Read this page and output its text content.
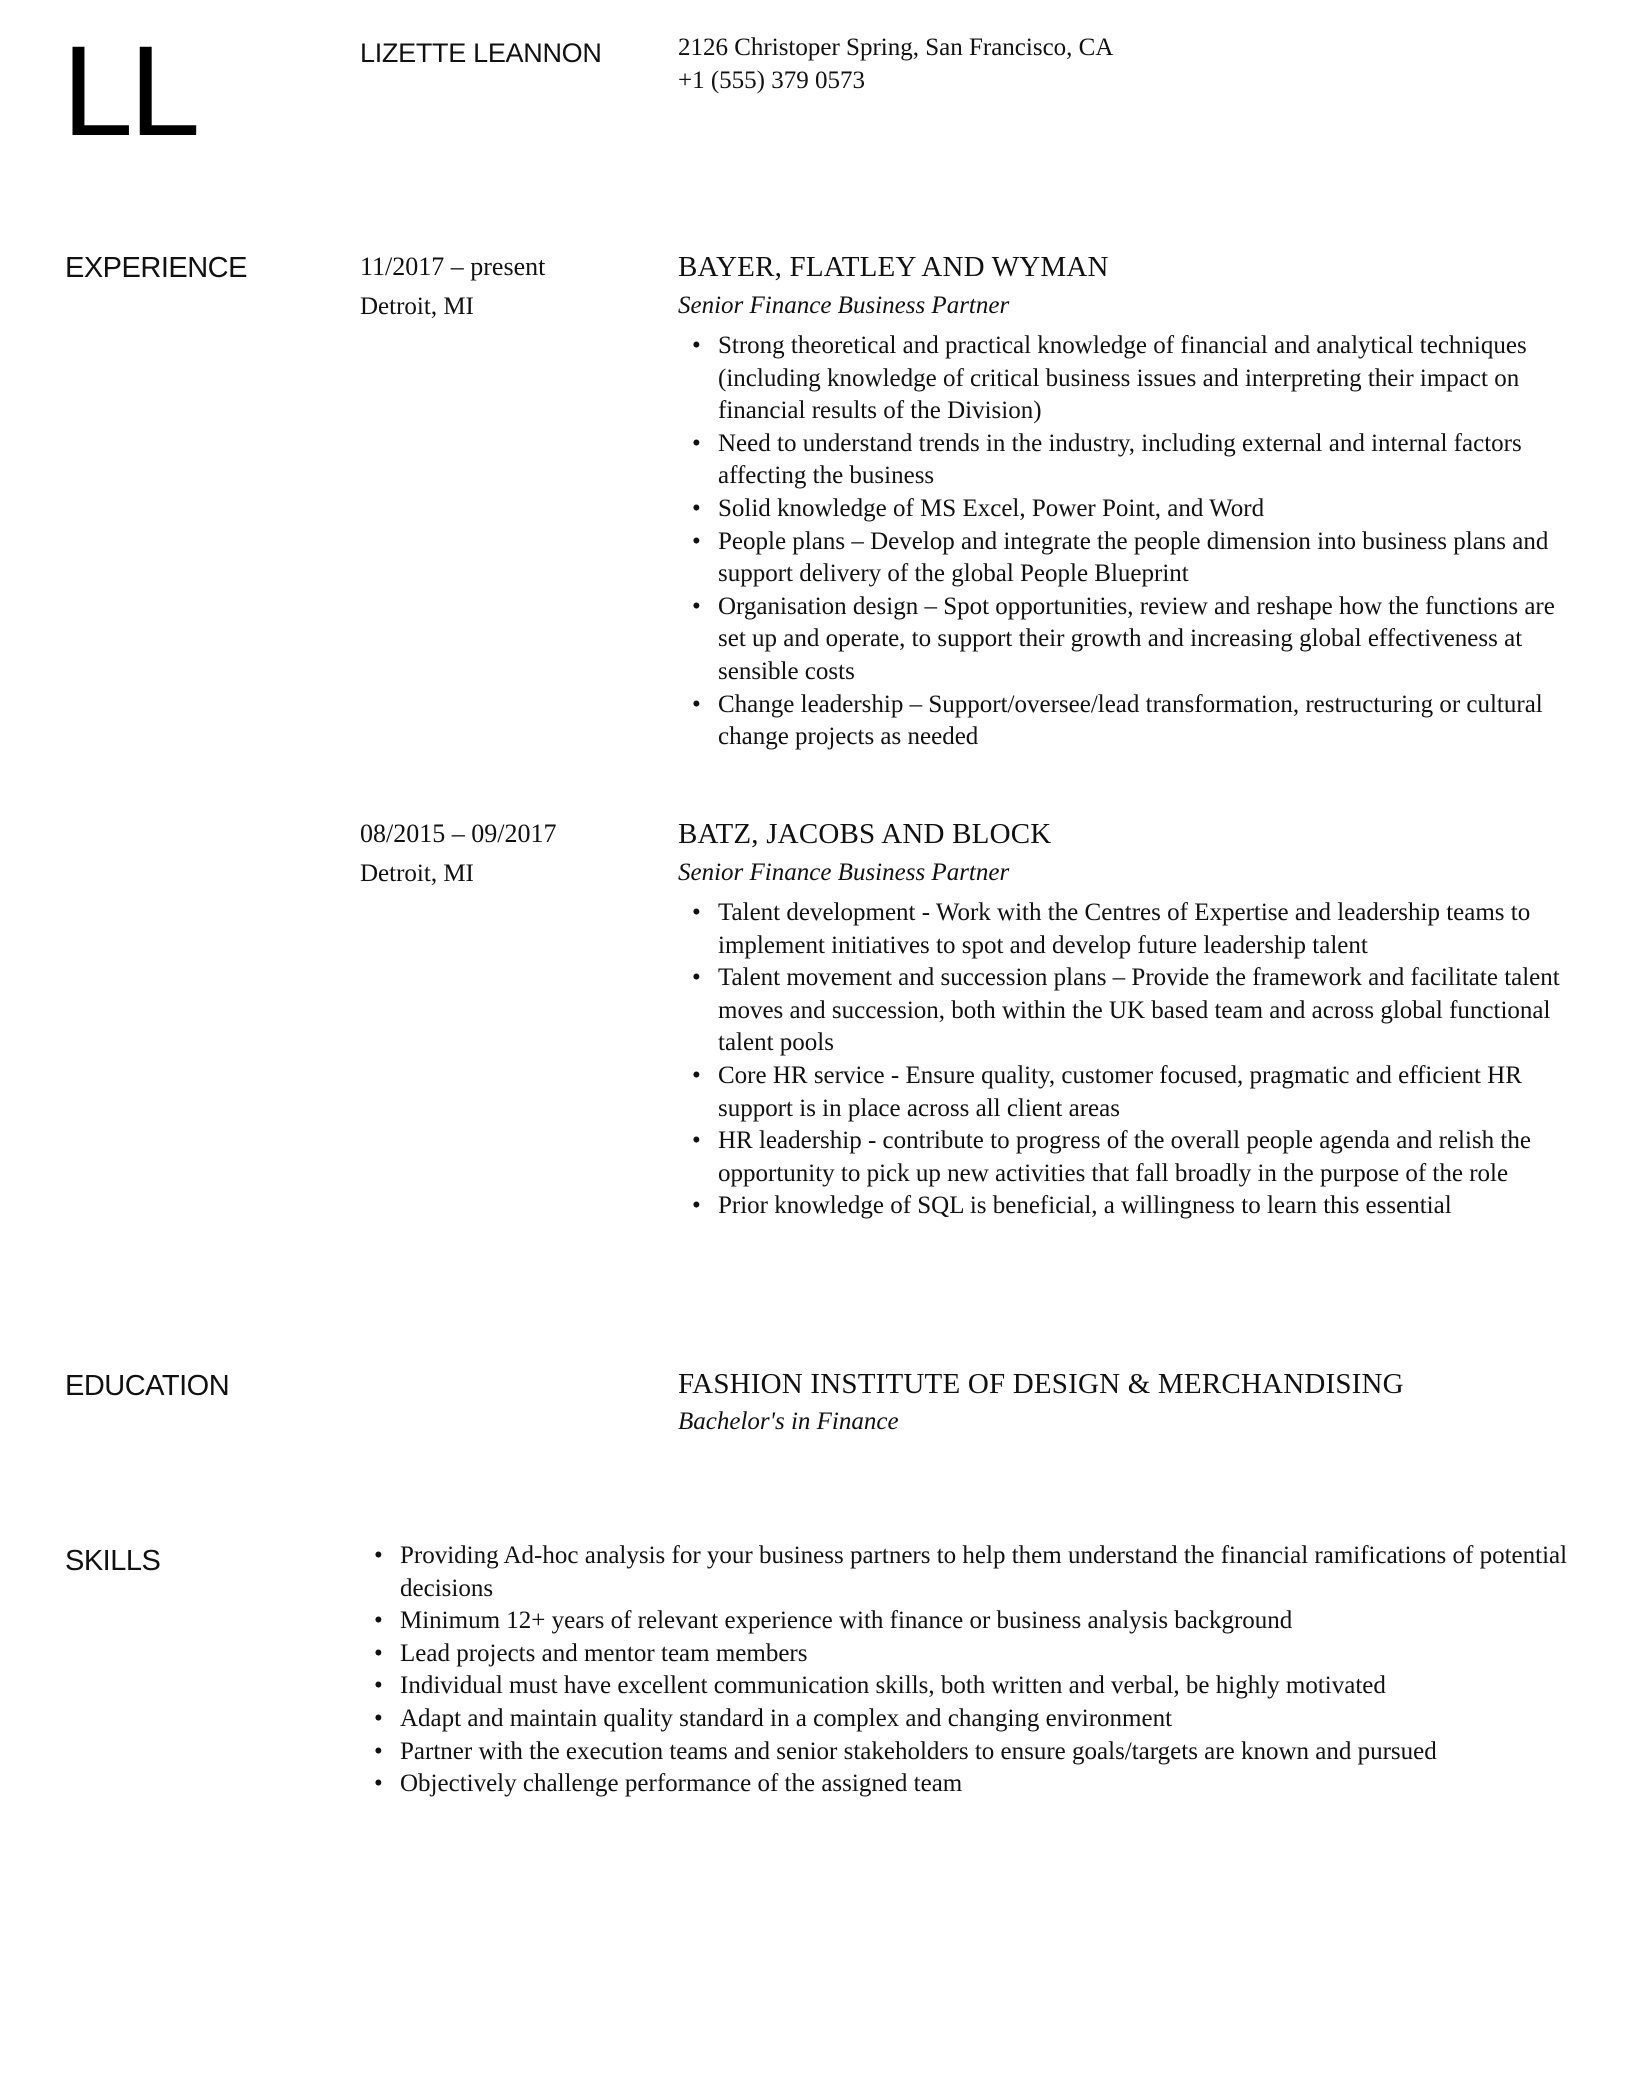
LL	LIZETTE LEANNON	2126 Christoper Spring, San Francisco, CA
+1 (555) 379 0573
EXPERIENCE	11/2017 – present
Detroit, MI
BAYER, FLATLEY AND WYMAN
Senior Finance Business Partner
• Strong theoretical and practical knowledge of financial and analytical techniques (including knowledge of critical business issues and interpreting their impact on financial results of the Division)
• Need to understand trends in the industry, including external and internal factors affecting the business
• Solid knowledge of MS Excel, Power Point, and Word
• People plans – Develop and integrate the people dimension into business plans and support delivery of the global People Blueprint
• Organisation design – Spot opportunities, review and reshape how the functions are set up and operate, to support their growth and increasing global effectiveness at sensible costs
• Change leadership – Support/oversee/lead transformation, restructuring or cultural change projects as needed
08/2015 – 09/2017
Detroit, MI
BATZ, JACOBS AND BLOCK
Senior Finance Business Partner
• Talent development - Work with the Centres of Expertise and leadership teams to implement initiatives to spot and develop future leadership talent
• Talent movement and succession plans – Provide the framework and facilitate talent moves and succession, both within the UK based team and across global functional talent pools
• Core HR service - Ensure quality, customer focused, pragmatic and efficient HR support is in place across all client areas
• HR leadership - contribute to progress of the overall people agenda and relish the opportunity to pick up new activities that fall broadly in the purpose of the role
• Prior knowledge of SQL is beneficial, a willingness to learn this essential
EDUCATION	FASHION INSTITUTE OF DESIGN & MERCHANDISING
Bachelor's in Finance
SKILLS	• Providing Ad-hoc analysis for your business partners to help them understand the financial ramifications of potential decisions
• Minimum 12+ years of relevant experience with finance or business analysis background
• Lead projects and mentor team members
• Individual must have excellent communication skills, both written and verbal, be highly motivated
• Adapt and maintain quality standard in a complex and changing environment
• Partner with the execution teams and senior stakeholders to ensure goals/targets are known and pursued
• Objectively challenge performance of the assigned team
